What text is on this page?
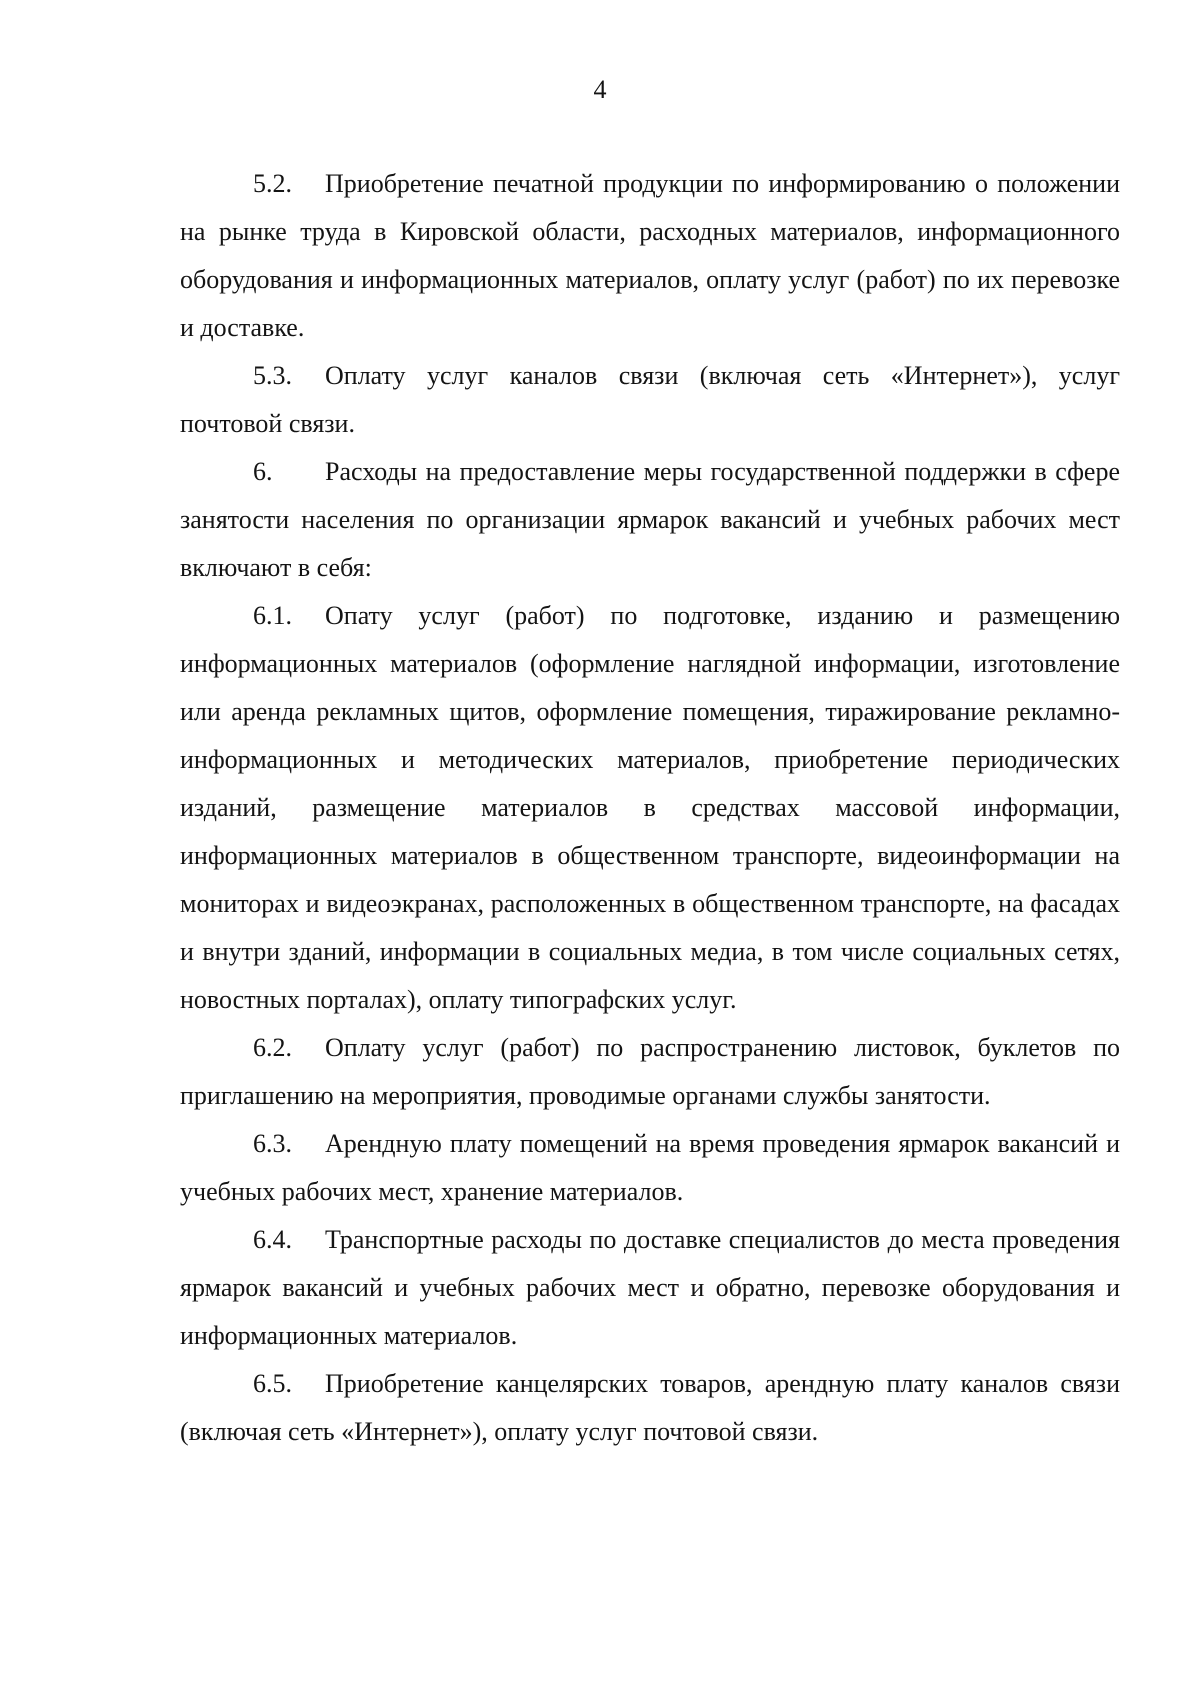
4

5.2. Приобретение печатной продукции по информированию о положении на рынке труда в Кировской области, расходных материалов, информационного оборудования и информационных материалов, оплату услуг (работ) по их перевозке и доставке.

5.3. Оплату услуг каналов связи (включая сеть «Интернет»), услуг почтовой связи.

6. Расходы на предоставление меры государственной поддержки в сфере занятости населения по организации ярмарок вакансий и учебных рабочих мест включают в себя:

6.1. Опату услуг (работ) по подготовке, изданию и размещению информационных материалов (оформление наглядной информации, изготовление или аренда рекламных щитов, оформление помещения, тиражирование рекламно-информационных и методических материалов, приобретение периодических изданий, размещение материалов в средствах массовой информации, информационных материалов в общественном транспорте, видеоинформации на мониторах и видеоэкранах, расположенных в общественном транспорте, на фасадах и внутри зданий, информации в социальных медиа, в том числе социальных сетях, новостных порталах), оплату типографских услуг.

6.2. Оплату услуг (работ) по распространению листовок, буклетов по приглашению на мероприятия, проводимые органами службы занятости.

6.3. Арендную плату помещений на время проведения ярмарок вакансий и учебных рабочих мест, хранение материалов.

6.4. Транспортные расходы по доставке специалистов до места проведения ярмарок вакансий и учебных рабочих мест и обратно, перевозке оборудования и информационных материалов.

6.5. Приобретение канцелярских товаров, арендную плату каналов связи (включая сеть «Интернет»), оплату услуг почтовой связи.
